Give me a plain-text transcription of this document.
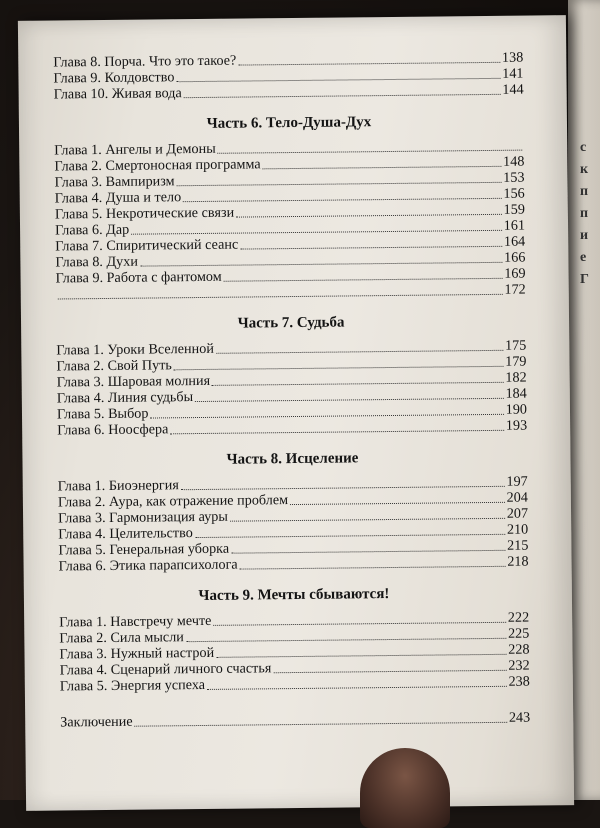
с
к
п
п
и
е
Г
Глава 8. Порча. Что это такое?	138
Глава 9. Колдовство	141
Глава 10. Живая вода	144
Часть 6. Тело-Душа-Дух
Глава 1. Ангелы и Демоны
Глава 2. Смертоносная программа	148
Глава 3. Вампиризм	153
Глава 4. Душа и тело	156
Глава 5. Некротические связи	159
Глава 6. Дар	161
Глава 7. Спиритический сеанс	164
Глава 8. Духи	166
Глава 9. Работа с фантомом	169
172
Часть 7. Судьба
Глава 1. Уроки Вселенной	175
Глава 2. Свой Путь	179
Глава 3. Шаровая молния	182
Глава 4. Линия судьбы	184
Глава 5. Выбор	190
Глава 6. Ноосфера	193
Часть 8. Исцеление
Глава 1. Биоэнергия	197
Глава 2. Аура, как отражение проблем	204
Глава 3. Гармонизация ауры	207
Глава 4. Целительство	210
Глава 5. Генеральная уборка	215
Глава 6. Этика парапсихолога	218
Часть 9. Мечты сбываются!
Глава 1. Навстречу мечте	222
Глава 2. Сила мысли	225
Глава 3. Нужный настрой	228
Глава 4. Сценарий личного счастья	232
Глава 5. Энергия успеха	238
Заключение	243
